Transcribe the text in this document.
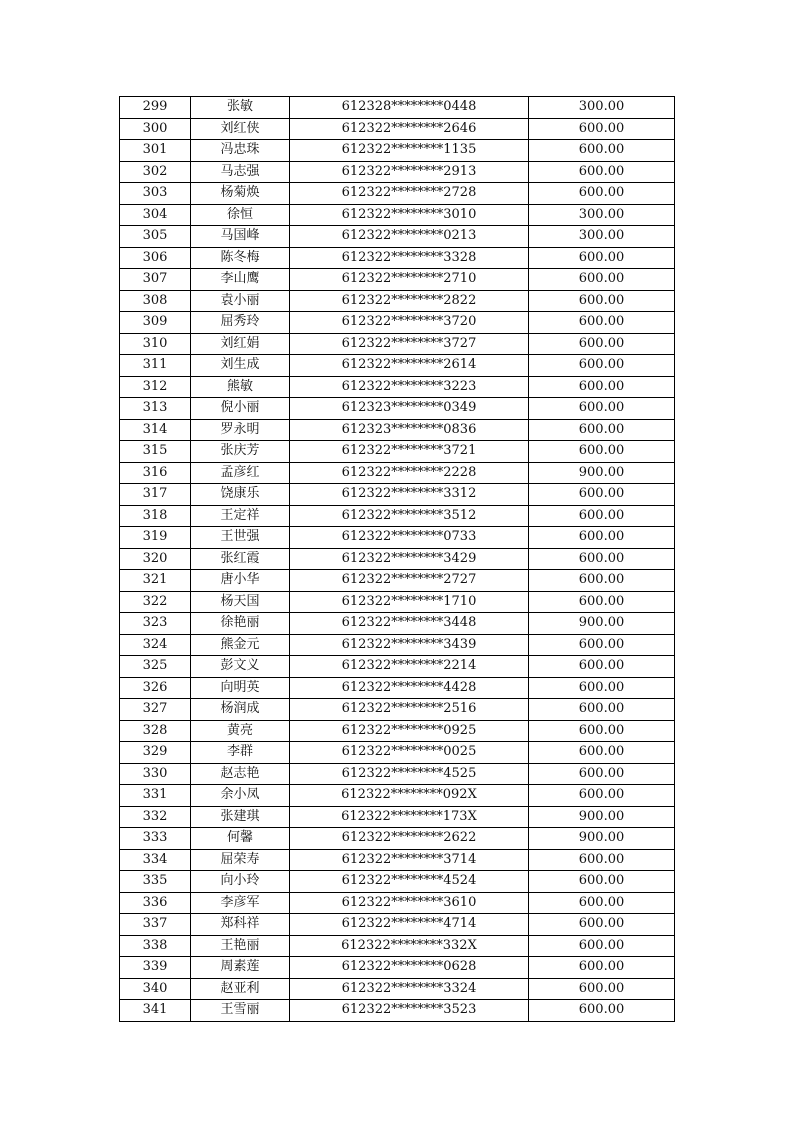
299	张敏	612328********0448	300.00
300	刘红侠	612322********2646	600.00
301	冯忠珠	612322********1135	600.00
302	马志强	612322********2913	600.00
303	杨菊焕	612322********2728	600.00
304	徐恒	612322********3010	300.00
305	马国峰	612322********0213	300.00
306	陈冬梅	612322********3328	600.00
307	李山鹰	612322********2710	600.00
308	袁小丽	612322********2822	600.00
309	屈秀玲	612322********3720	600.00
310	刘红娟	612322********3727	600.00
311	刘生成	612322********2614	600.00
312	熊敏	612322********3223	600.00
313	倪小丽	612323********0349	600.00
314	罗永明	612323********0836	600.00
315	张庆芳	612322********3721	600.00
316	孟彦红	612322********2228	900.00
317	饶康乐	612322********3312	600.00
318	王定祥	612322********3512	600.00
319	王世强	612322********0733	600.00
320	张红霞	612322********3429	600.00
321	唐小华	612322********2727	600.00
322	杨天国	612322********1710	600.00
323	徐艳丽	612322********3448	900.00
324	熊金元	612322********3439	600.00
325	彭文义	612322********2214	600.00
326	向明英	612322********4428	600.00
327	杨润成	612322********2516	600.00
328	黄亮	612322********0925	600.00
329	李群	612322********0025	600.00
330	赵志艳	612322********4525	600.00
331	余小凤	612322********092X	600.00
332	张建琪	612322********173X	900.00
333	何馨	612322********2622	900.00
334	屈荣寿	612322********3714	600.00
335	向小玲	612322********4524	600.00
336	李彦军	612322********3610	600.00
337	郑科祥	612322********4714	600.00
338	王艳丽	612322********332X	600.00
339	周素莲	612322********0628	600.00
340	赵亚利	612322********3324	600.00
341	王雪丽	612322********3523	600.00
